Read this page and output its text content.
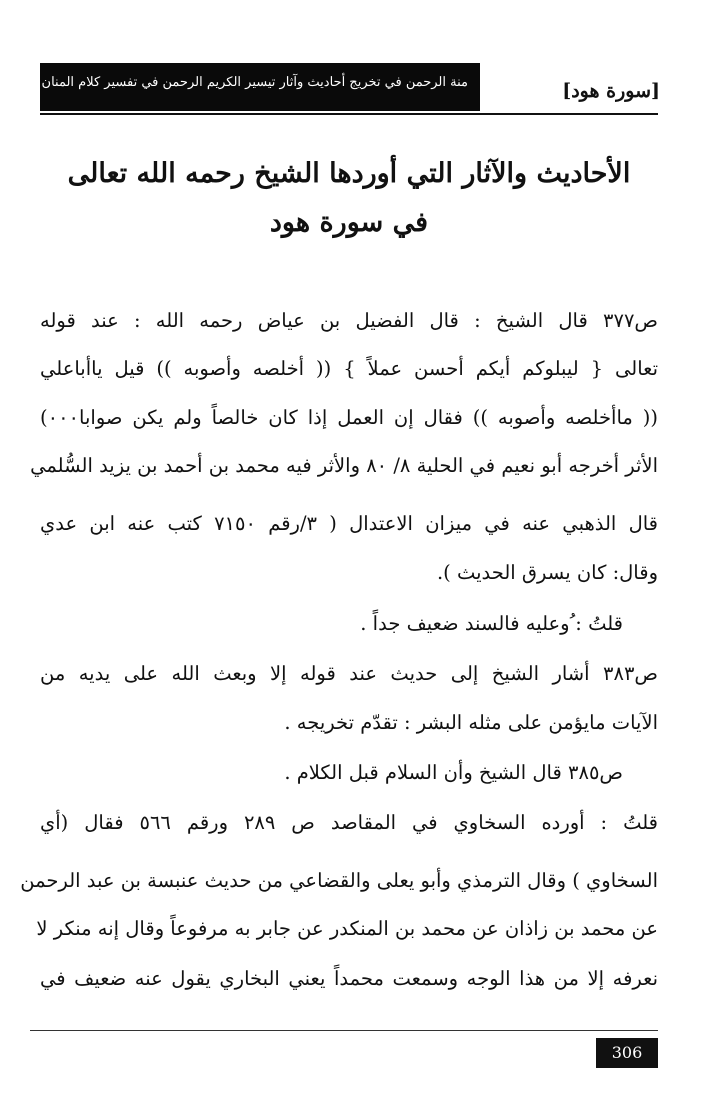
منة الرحمن في تخريج أحاديث وآثار تيسير الكريم الرحمن في تفسير كلام المنان	[سورة هود]
الأحاديث والآثار التي أوردها الشيخ رحمه الله تعالى
في سورة هود
ص٣٧٧ قال الشيخ : قال الفضيل بن عياض رحمه الله : عند قوله
تعالى { ليبلوكم أيكم أحسن عملاً } (( أخلصه وأصوبه )) قيل ياأباعلي
(( ماأخلصه وأصوبه )) فقال إن العمل إذا كان خالصاً ولم يكن صوابا٠٠٠)
الأثر أخرجه أبو نعيم في الحلية ٨/ ٨٠ والأثر فيه محمد بن أحمد بن يزيد السُّلمي
قال الذهبي عنه في ميزان الاعتدال ( ٣/رقم ٧١٥٠ كتب عنه ابن عدي
وقال: كان يسرق الحديث ).
قلتُ : ُوعليه فالسند ضعيف جداً .
ص٣٨٣ أشار الشيخ إلى حديث عند قوله إلا وبعث الله على يديه من
الآيات مايؤمن على مثله البشر : تقدّم تخريجه .
ص٣٨٥ قال الشيخ وأن السلام قبل الكلام .
قلتُ : أورده السخاوي في المقاصد ص ٢٨٩ ورقم ٥٦٦ فقال (أي
السخاوي ) وقال الترمذي وأبو يعلى والقضاعي من حديث عنبسة بن عبد الرحمن
عن محمد بن زاذان عن محمد بن المنكدر عن جابر به مرفوعاً وقال إنه منكر لا
نعرفه إلا من هذا الوجه وسمعت محمداً يعني البخاري يقول عنه ضعيف في
306
